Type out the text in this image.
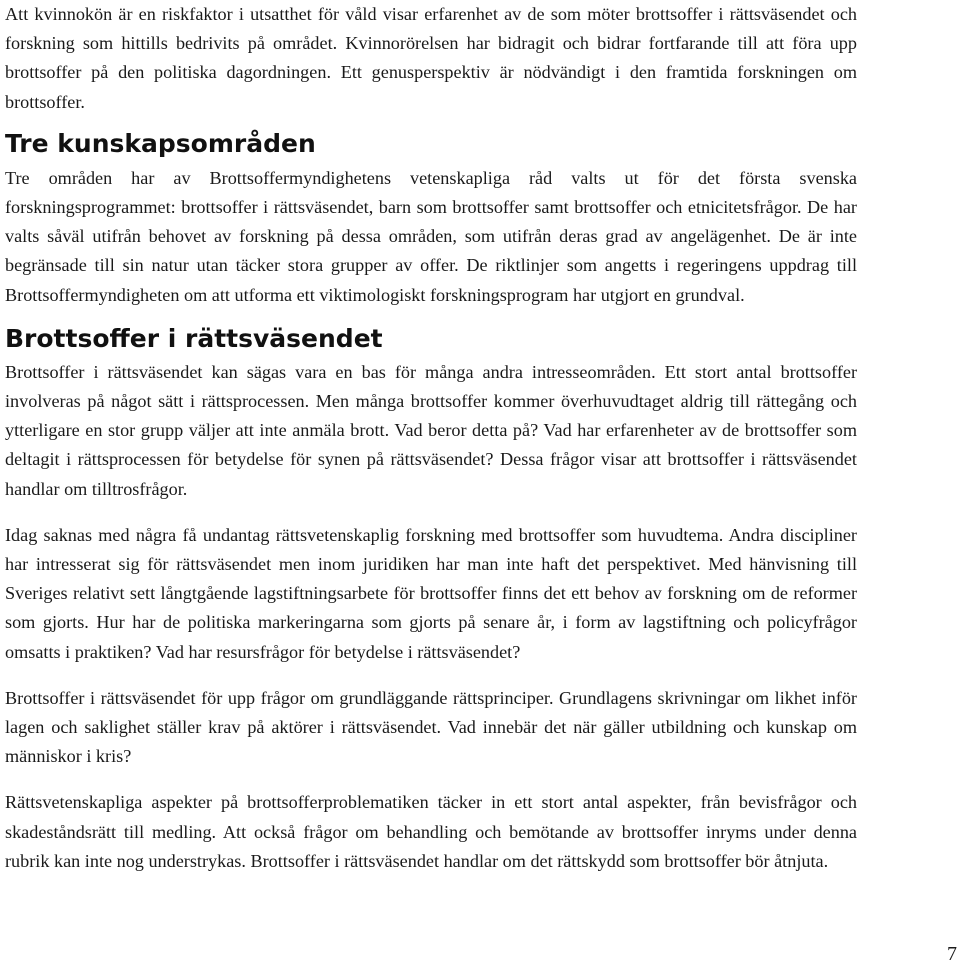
Att kvinnokön är en riskfaktor i utsatthet för våld visar erfarenhet av de som möter brottsoffer i rättsväsendet och forskning som hittills bedrivits på området. Kvinnorörelsen har bidragit och bidrar fortfarande till att föra upp brottsoffer på den politiska dagordningen. Ett genusperspektiv är nödvändigt i den framtida forskningen om brottsoffer.

Tre kunskapsområden

Tre områden har av Brottsoffermyndighetens vetenskapliga råd valts ut för det första svenska forskningsprogrammet: brottsoffer i rättsväsendet, barn som brottsoffer samt brottsoffer och etnicitetsfrågor. De har valts såväl utifrån behovet av forskning på dessa områden, som utifrån deras grad av angelägenhet. De är inte begränsade till sin natur utan täcker stora grupper av offer. De riktlinjer som angetts i regeringens uppdrag till Brottsoffermyndigheten om att utforma ett viktimologiskt forskningsprogram har utgjort en grundval.

Brottsoffer i rättsväsendet

Brottsoffer i rättsväsendet kan sägas vara en bas för många andra intresseområden. Ett stort antal brottsoffer involveras på något sätt i rättsprocessen. Men många brottsoffer kommer överhuvudtaget aldrig till rättegång och ytterligare en stor grupp väljer att inte anmäla brott. Vad beror detta på? Vad har erfarenheter av de brottsoffer som deltagit i rättsprocessen för betydelse för synen på rättsväsendet? Dessa frågor visar att brottsoffer i rättsväsendet handlar om tilltrosfrågor.

Idag saknas med några få undantag rättsvetenskaplig forskning med brottsoffer som huvudtema. Andra discipliner har intresserat sig för rättsväsendet men inom juridiken har man inte haft det perspektivet. Med hänvisning till Sveriges relativt sett långtgående lagstiftningsarbete för brottsoffer finns det ett behov av forskning om de reformer som gjorts. Hur har de politiska markeringarna som gjorts på senare år, i form av lagstiftning och policyfrågor omsatts i praktiken? Vad har resursfrågor för betydelse i rättsväsendet?

Brottsoffer i rättsväsendet för upp frågor om grundläggande rättsprinciper. Grundlagens skrivningar om likhet inför lagen och saklighet ställer krav på aktörer i rättsväsendet. Vad innebär det när gäller utbildning och kunskap om människor i kris?

Rättsvetenskapliga aspekter på brottsofferproblematiken täcker in ett stort antal aspekter, från bevisfrågor och skadeståndsrätt till medling. Att också frågor om behandling och bemötande av brottsoffer inryms under denna rubrik kan inte nog understrykas. Brottsoffer i rättsväsendet handlar om det rättskydd som brottsoffer bör åtnjuta.

7
